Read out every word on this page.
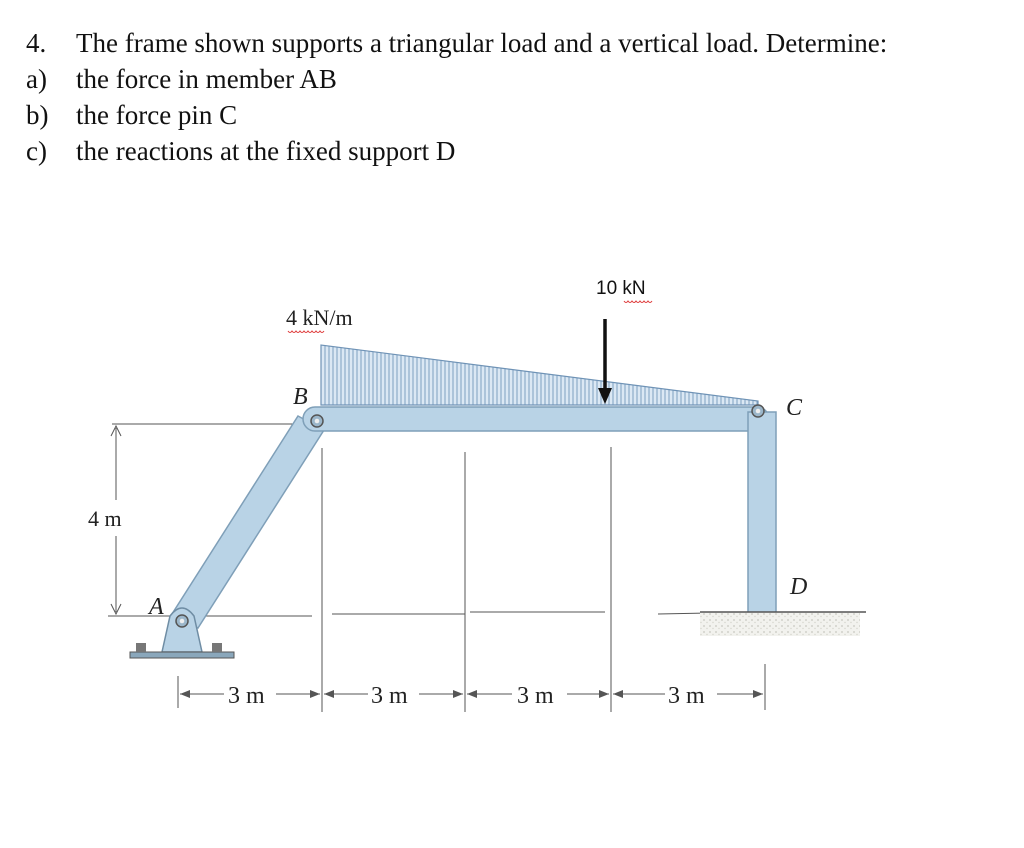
4. The frame shown supports a triangular load and a vertical load. Determine:
a) the force in member AB
b) the force pin C
c) the reactions at the fixed support D
4 m
4 kN/m
10 kN
A
B	C
D
3 m	3 m	3 m	3 m
